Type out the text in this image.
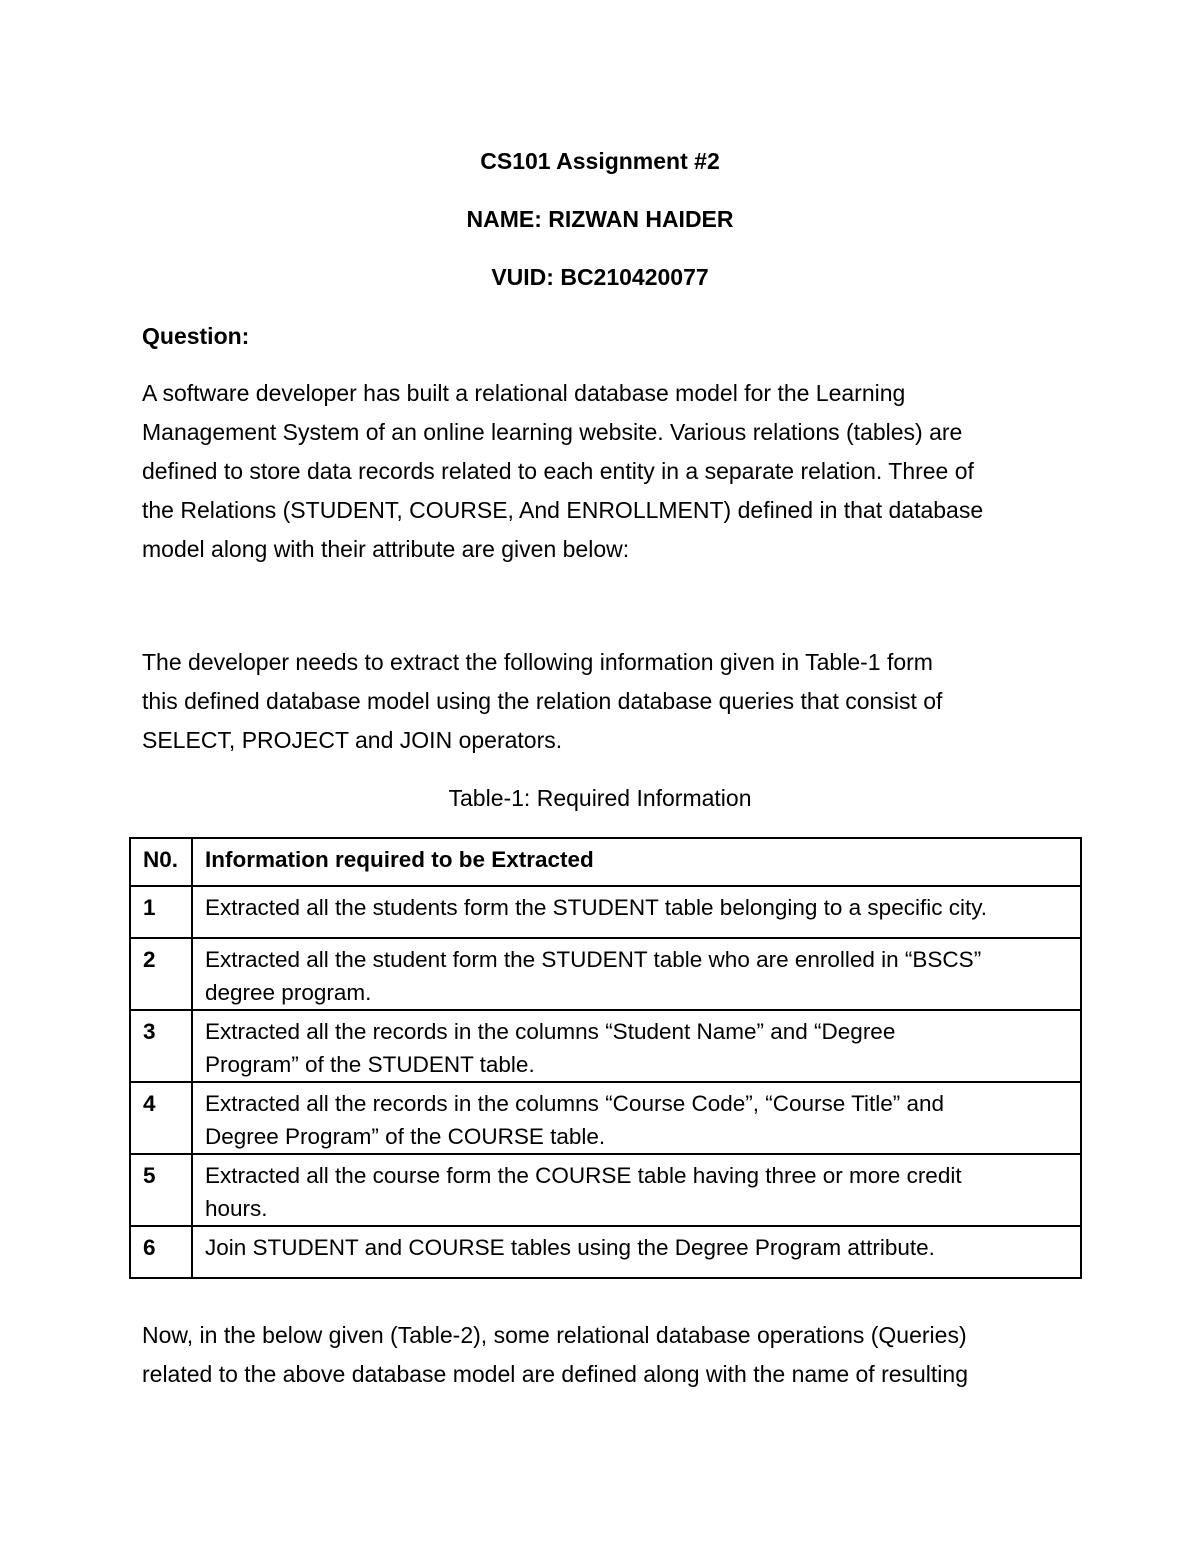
CS101 Assignment #2
NAME: RIZWAN HAIDER
VUID: BC210420077
Question:

A software developer has built a relational database model for the Learning

Management System of an online learning website. Various relations (tables) are

defined to store data records related to each entity in a separate relation. Three of

the Relations (STUDENT, COURSE, And ENROLLMENT) defined in that database

model along with their attribute are given below:

The developer needs to extract the following information given in Table-1 form

this defined database model using the relation database queries that consist of

SELECT, PROJECT and JOIN operators.

Table-1: Required Information
N0.	Information required to be Extracted
1	Extracted all the students form the STUDENT table belonging to a specific city.
2	Extracted all the student form the STUDENT table who are enrolled in “BSCS”
degree program.
3	Extracted all the records in the columns “Student Name” and “Degree
Program” of the STUDENT table.
4	Extracted all the records in the columns “Course Code”, “Course Title” and
Degree Program” of the COURSE table.
5	Extracted all the course form the COURSE table having three or more credit
hours.
6	Join STUDENT and COURSE tables using the Degree Program attribute.

Now, in the below given (Table-2), some relational database operations (Queries)

related to the above database model are defined along with the name of resulting
